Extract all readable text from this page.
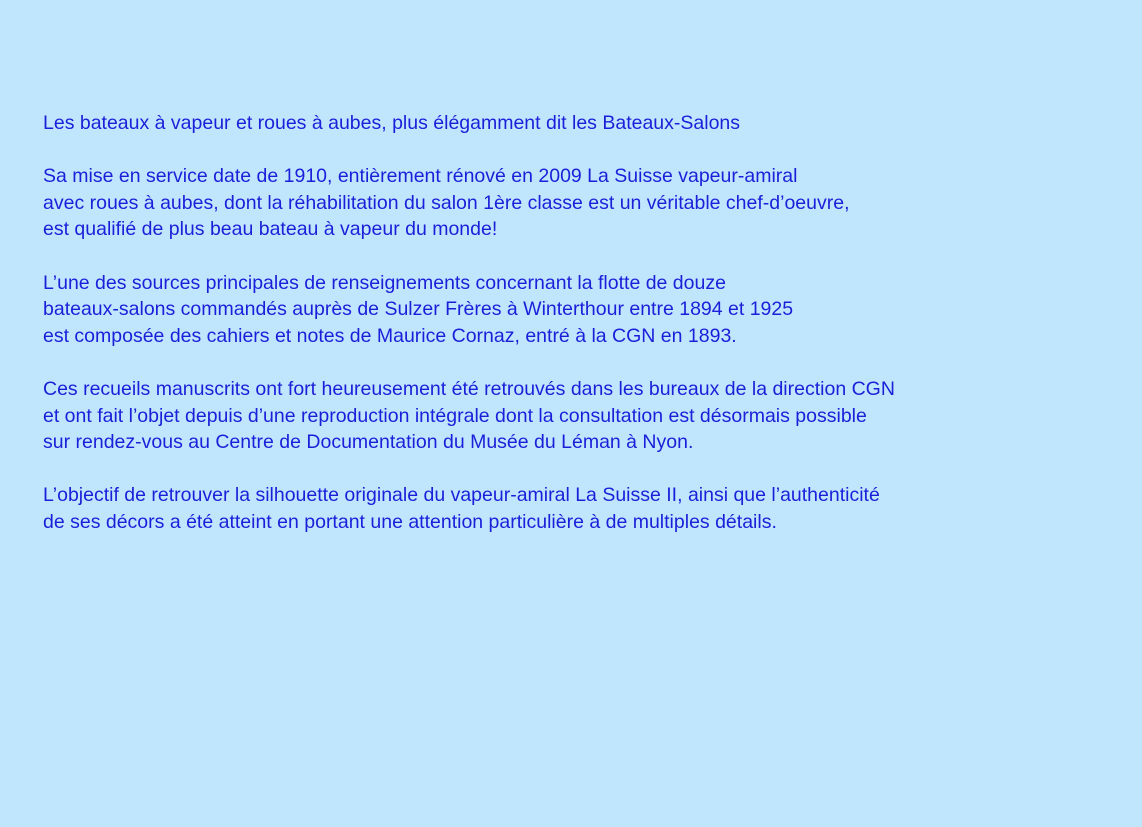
Les bateaux à vapeur et roues à aubes, plus élégamment dit les Bateaux-Salons

Sa mise en service date de 1910, entièrement rénové en 2009 La Suisse vapeur-amiral
avec roues à aubes, dont la réhabilitation du salon 1ère classe est un véritable chef-d’oeuvre,
est qualifié de plus beau bateau à vapeur du monde!

L’une des sources principales de renseignements concernant la flotte de douze
bateaux-salons commandés auprès de Sulzer Frères à Winterthour entre 1894 et 1925
est composée des cahiers et notes de Maurice Cornaz, entré à la CGN en 1893.

Ces recueils manuscrits ont fort heureusement été retrouvés dans les bureaux de la direction CGN
et ont fait l’objet depuis d’une reproduction intégrale dont la consultation est désormais possible
sur rendez-vous au Centre de Documentation du Musée du Léman à Nyon.

L’objectif de retrouver la silhouette originale du vapeur-amiral La Suisse II, ainsi que l’authenticité
de ses décors a été atteint en portant une attention particulière à de multiples détails.
